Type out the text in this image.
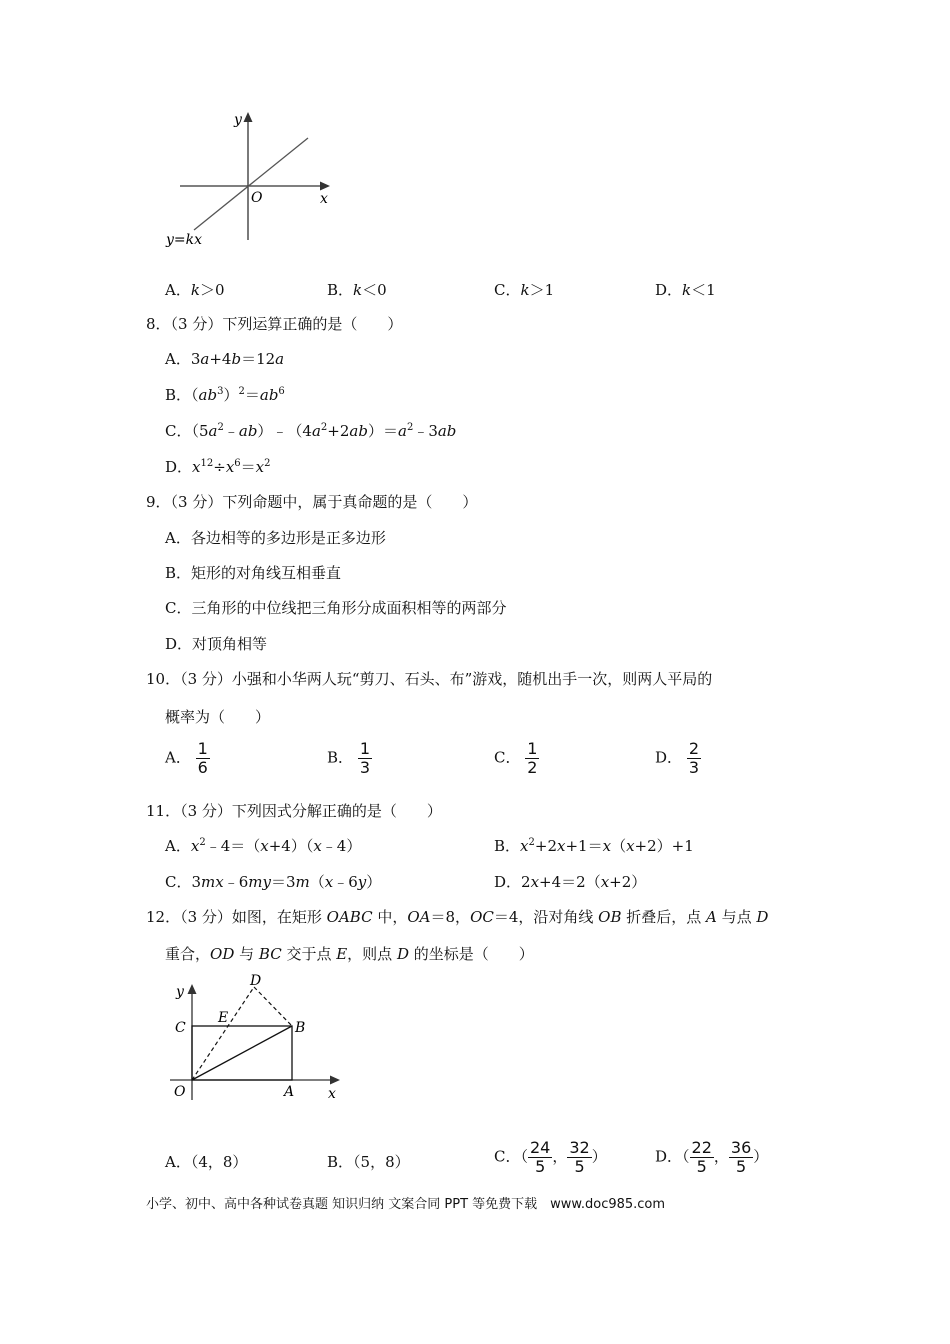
y
x
O
y=kx
A．k＞0	B．k＜0	C．k＞1	D．k＜1
8．（3 分）下列运算正确的是（　　）
A．3a+4b＝12a
B．$(ab^3)^2=ab^6$
C．$(5a^2﹣ab)﹣(4a^2+2ab)=a^2﹣3ab$
D．$x^{12}\div x^6=x^2$
9．（3 分）下列命题中，属于真命题的是（　　）
A．各边相等的多边形是正多边形
B．矩形的对角线互相垂直
C．三角形的中位线把三角形分成面积相等的两部分
D．对顶角相等
10．（3 分）小强和小华两人玩“剪刀、石头、布”游戏，随机出手一次，则两人平局的
概率为（　　）
A． $\frac{1}{6}$	B． $\frac{1}{3}$	C． $\frac{1}{2}$	D． $\frac{2}{3}$
11．（3 分）下列因式分解正确的是（　　）
A．$x^2﹣4=(x+4)(x﹣4)$	B．$x^2+2x+1=x(x+2)+1$
C．3mx﹣6my＝3m（x﹣6y）	D．2x+4＝2（x+2）
12．（3 分）如图，在矩形 OABC 中，OA＝8，OC＝4，沿对角线 OB 折叠后，点 A 与点 D
重合，OD 与 BC 交于点 E，则点 D 的坐标是（　　）
y
x
O	A
B
C
D
E
A．（4，8）	B．（5，8）	C．（ $\frac{24}{5}$ ， $\frac{32}{5}$ ）	D．（ $\frac{22}{5}$ ， $\frac{36}{5}$ ）
小学、初中、高中各种试卷真题 知识归纳 文案合同 PPT 等免费下载　www.doc985.com
